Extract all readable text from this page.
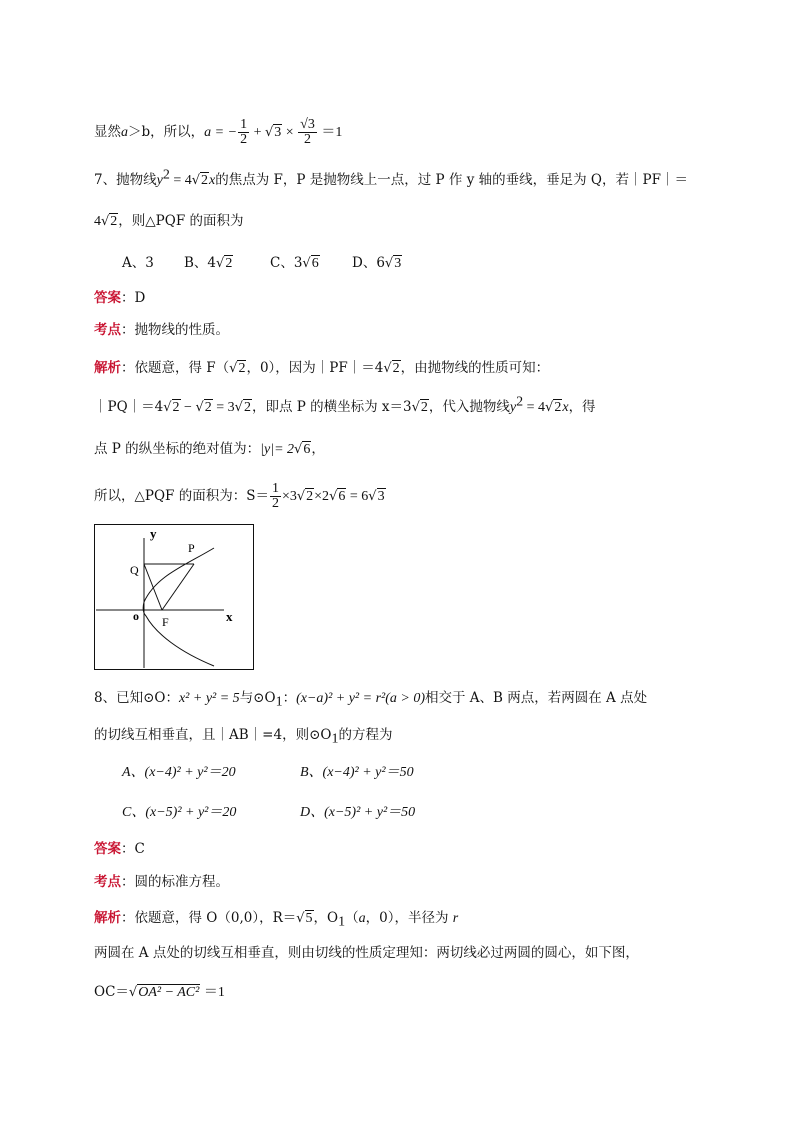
显然a＞b，所以，a = − $\frac{1}{2} + √3 \times \frac{√3}{2} =1$
7、抛物线$y^2 = 4√2x$的焦点为 F，P 是抛物线上一点，过 P 作 y 轴的垂线，垂足为 Q，若｜PF｜＝
4√2，则△PQF 的面积为
A、3 B、4√2	C、3√6 D、6√3
答案：D
考点：抛物线的性质。
解析：依题意，得 F（√2，0），因为｜PF｜＝4√2，由抛物线的性质可知：
｜PQ｜＝4√2 − √2 = 3√2，即点 P 的横坐标为 x＝3√2，代入抛物线$y^2 = 4√2x$，得
点 P 的纵坐标的绝对值为：|y|= 2√6，
所以，△PQF 的面积为：$S= \frac{1}{2} \times 3√2\times 2√6 = 6√3$
y
x
o
P
Q
F
8、已知⊙O：x² + y² = 5与$⊙O_1$：(x−a)² + y² = r²(a > 0)相交于 A、B 两点，若两圆在 A 点处
的切线互相垂直，且｜AB｜=4，则$⊙O_1$的方程为
A、(x−4)² + y²＝20	B、(x−4)² + y²＝50
C、(x−5)² + y²＝20	D、(x−5)² + y²＝50
答案：C
考点：圆的标准方程。
解析：依题意，得 O（0,0），R＝√5，$O_1(a$，0），半径为 r
两圆在 A 点处的切线互相垂直，则由切线的性质定理知：两切线必过两圆的圆心，如下图，
OC＝√OA² − AC² ＝1
